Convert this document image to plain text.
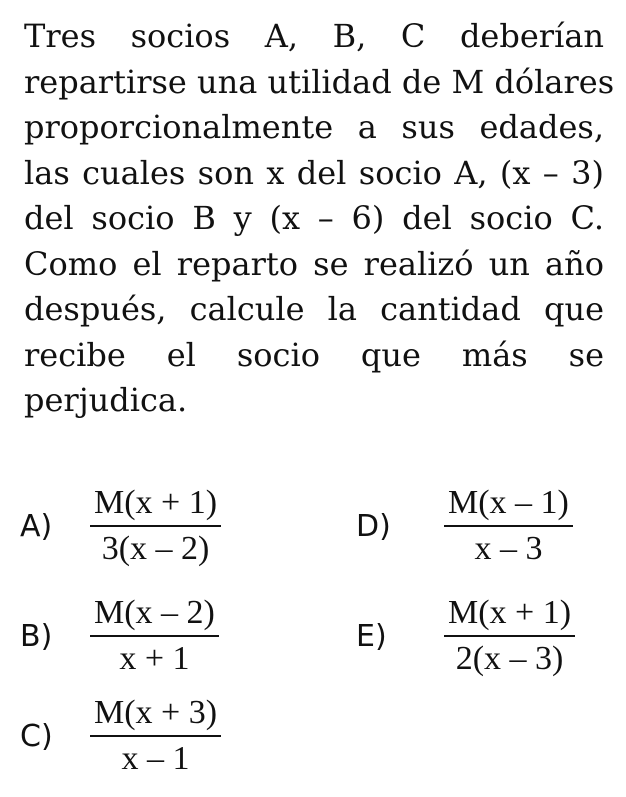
Tres socios A, B, C deberían
repartirse una utilidad de M dólares
proporcionalmente a sus edades,
las cuales son x del socio A, (x – 3)
del socio B y (x – 6) del socio C.
Como el reparto se realizó un año
después, calcule la cantidad que
recibe el socio que más se
perjudica.
A)	$\frac{M(x + 1)}{3(x - 2)}$
B)	$\frac{M(x - 2)}{x + 1}$
C)	$\frac{M(x + 3)}{x - 1}$
D)	$\frac{M(x - 1)}{x - 3}$
E)	$\frac{M(x + 1)}{2(x - 3)}$
